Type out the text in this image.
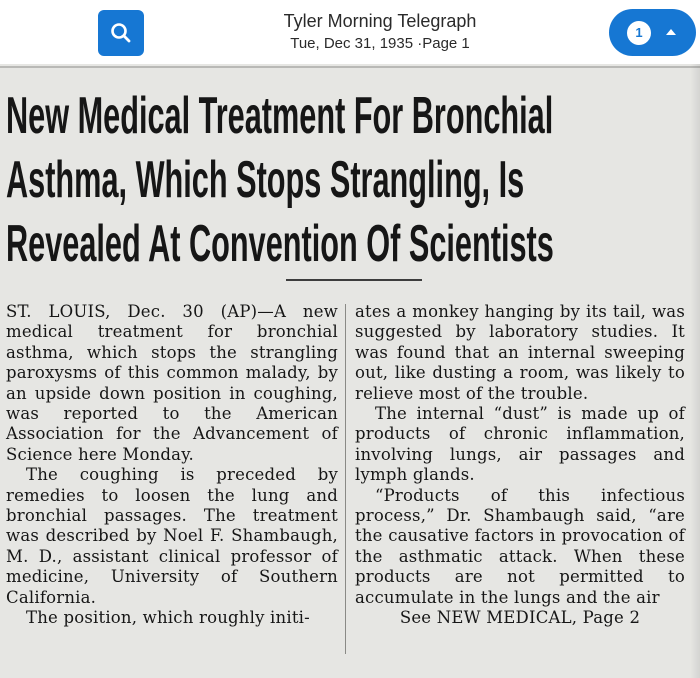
Tyler Morning Telegraph
Tue, Dec 31, 1935 ·Page 1
1
New Medical Treatment For Bronchial
Asthma, Which Stops Strangling, Is
Revealed At Convention Of Scientists

ST. LOUIS, Dec. 30 (AP)—A new medical treatment for bronchial asthma, which stops the strangling paroxysms of this common malady, by an upside down position in coughing, was reported to the American Association for the Advancement of Science here Monday.

The coughing is preceded by remedies to loosen the lung and bronchial passages. The treatment was described by Noel F. Shambaugh, M. D., assistant clinical professor of medicine, University of Southern California.

The position, which roughly initi-

ates a monkey hanging by its tail, was suggested by laboratory studies. It was found that an internal sweeping out, like dusting a room, was likely to relieve most of the trouble.

The internal “dust” is made up of products of chronic inflammation, involving lungs, air passages and lymph glands.

“Products of this infectious process,” Dr. Shambaugh said, “are the causative factors in provocation of the asthmatic attack. When these products are not permitted to accumulate in the lungs and the air

See NEW MEDICAL, Page 2
